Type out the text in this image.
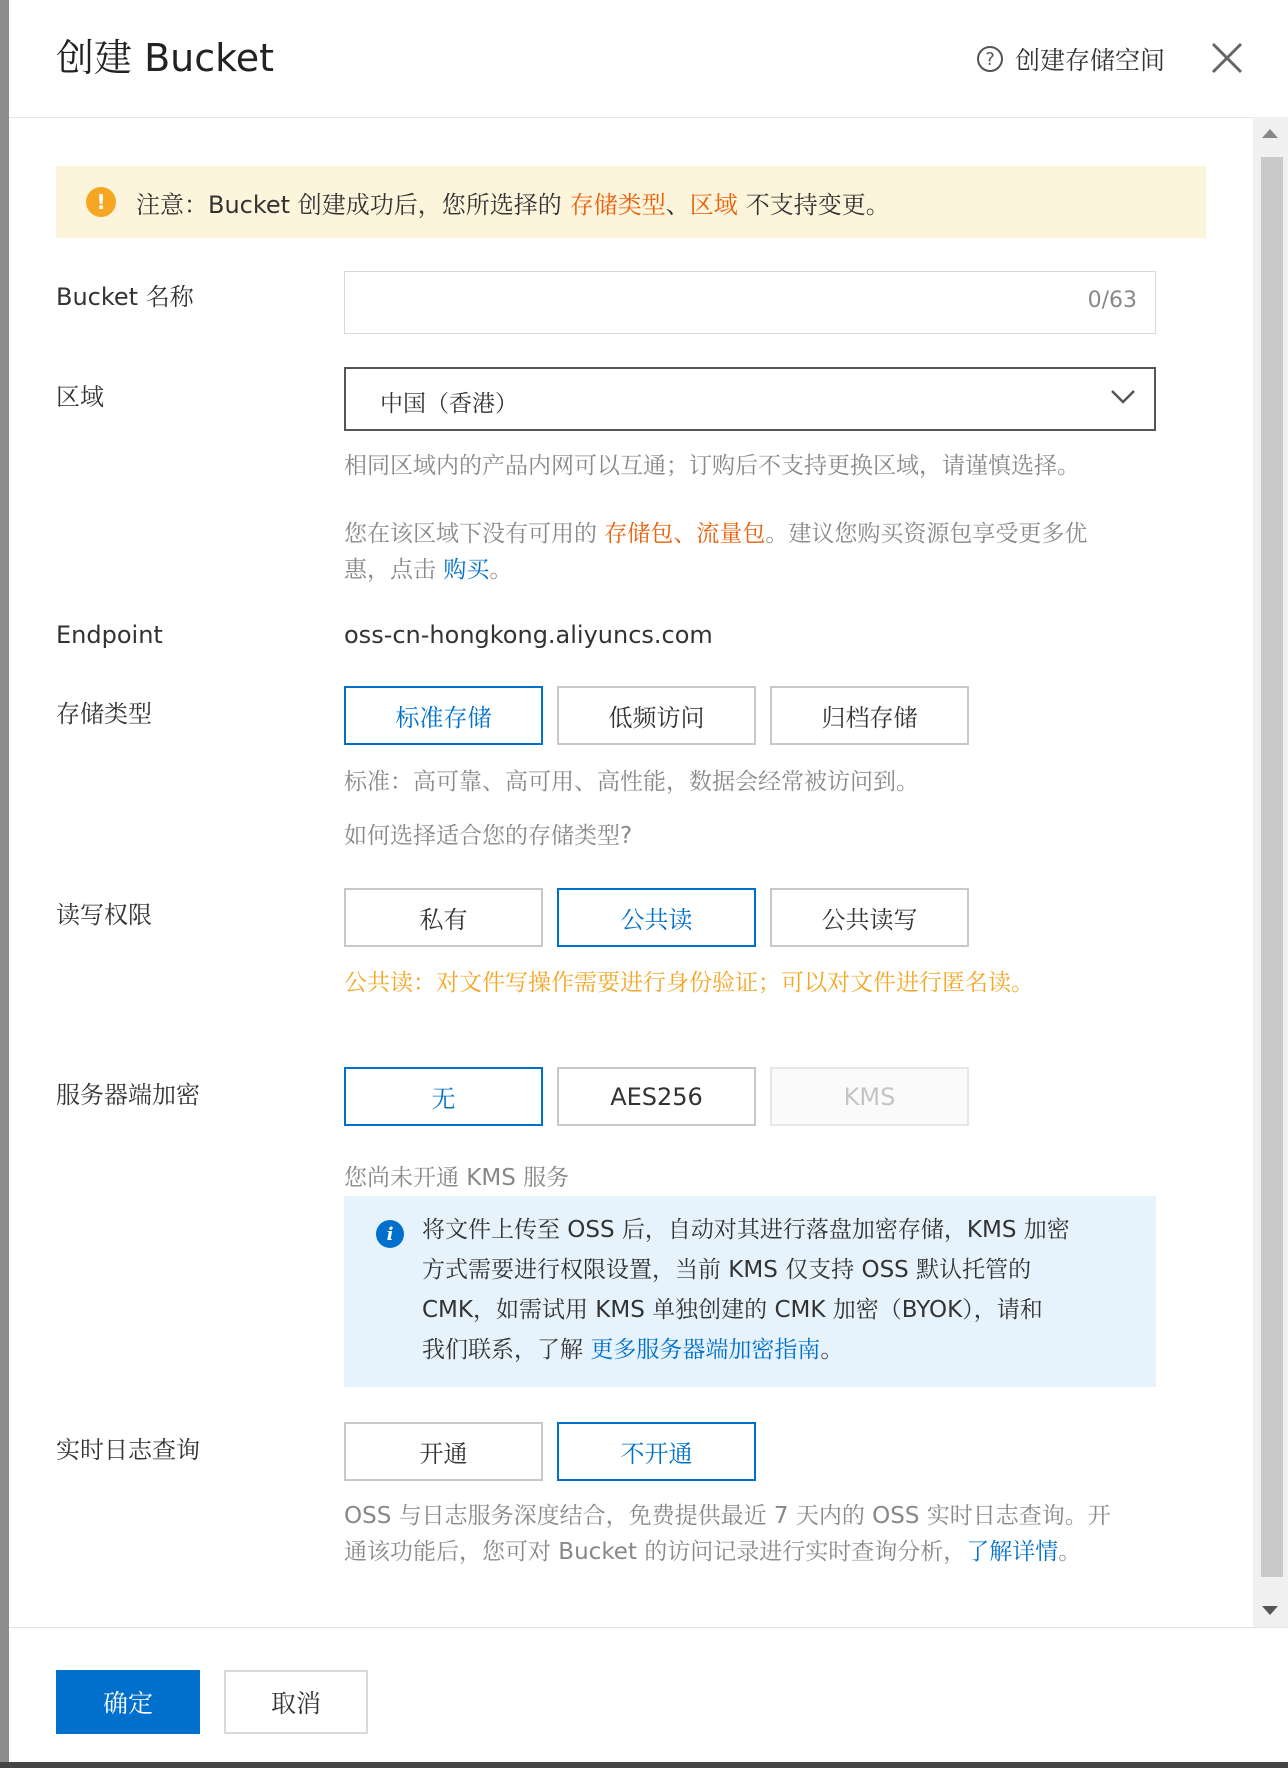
创建 Bucket	? 创建存储空间
!	注意：Bucket 创建成功后，您所选择的 存储类型 、 区域 不支持变更。
Bucket 名称	0/63
区域	中国（香港）
相同区域内的产品内网可以互通；订购后不支持更换区域，请谨慎选择。
您在该区域下没有可用的 存储包、流量包。建议您购买资源包享受更多优
惠，点击 购买。
Endpoint	oss-cn-hongkong.aliyuncs.com
存储类型	标准存储	低频访问	归档存储
标准：高可靠、高可用、高性能，数据会经常被访问到。
如何选择适合您的存储类型?
读写权限	私有	公共读	公共读写
公共读：对文件写操作需要进行身份验证；可以对文件进行匿名读。
服务器端加密	无	AES256	KMS
您尚未开通 KMS 服务
i	将文件上传至 OSS 后，自动对其进行落盘加密存储，KMS 加密
方式需要进行权限设置，当前 KMS 仅支持 OSS 默认托管的
CMK，如需试用 KMS 单独创建的 CMK 加密（BYOK），请和
我们联系，了解 更多服务器端加密指南。
实时日志查询	开通	不开通
OSS 与日志服务深度结合，免费提供最近 7 天内的 OSS 实时日志查询。开
通该功能后，您可对 Bucket 的访问记录进行实时查询分析，了解详情。
确定	取消
